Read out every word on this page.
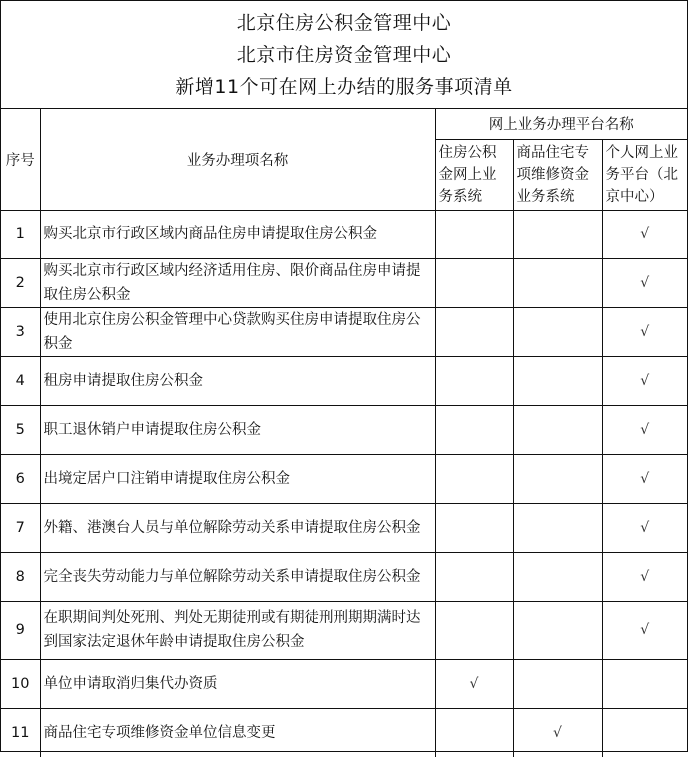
北京住房公积金管理中心
北京市住房资金管理中心
新增11个可在网上办结的服务事项清单
序号	业务办理项名称	网上业务办理平台名称		
		住房公积金网上业务系统	商品住宅专项维修资金业务系统	个人网上业务平台（北京中心）
1	购买北京市行政区域内商品住房申请提取住房公积金			√
2	购买北京市行政区域内经济适用住房、限价商品住房申请提取住房公积金			√
3	使用北京住房公积金管理中心贷款购买住房申请提取住房公积金			√
4	租房申请提取住房公积金			√
5	职工退休销户申请提取住房公积金			√
6	出境定居户口注销申请提取住房公积金			√
7	外籍、港澳台人员与单位解除劳动关系申请提取住房公积金			√
8	完全丧失劳动能力与单位解除劳动关系申请提取住房公积金			√
9	在职期间判处死刑、判处无期徒刑或有期徒刑刑期期满时达到国家法定退休年龄申请提取住房公积金			√
10	单位申请取消归集代办资质	√		
11	商品住宅专项维修资金单位信息变更		√	
